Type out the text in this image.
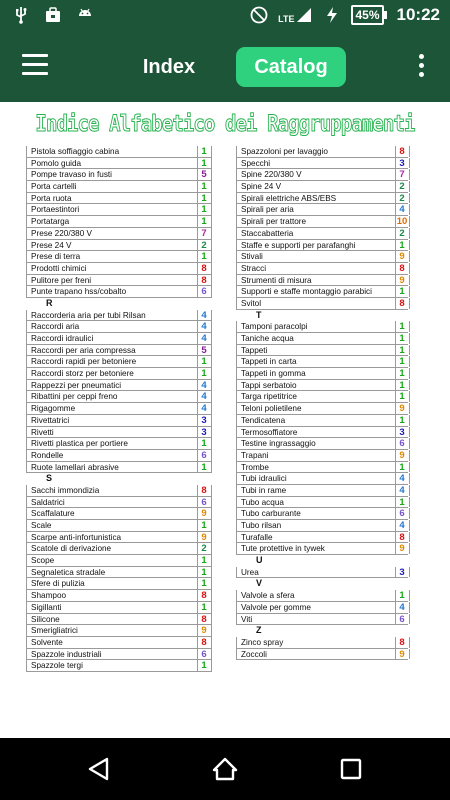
LTE	45% 10:22
Index	Catalog
Indice Alfabetico dei Raggruppamenti
Pistola soffiaggio cabina	1
Pomolo guida	1
Pompe travaso in fusti	5
Porta cartelli	1
Porta ruota	1
Portaestintori	1
Portatarga	1
Prese 220/380 V	7
Prese 24 V	2
Prese di terra	1
Prodotti chimici	8
Pulitore per freni	8
Punte trapano hss/cobalto	6
R
Raccorderia aria per tubi Rilsan	4
Raccordi aria	4
Raccordi idraulici	4
Raccordi per aria compressa	5
Raccordi rapidi per betoniere	1
Raccordi storz per betoniere	1
Rappezzi per pneumatici	4
Ribattini per ceppi freno	4
Rigagomme	4
Rivettatrici	3
Rivetti	3
Rivetti plastica per portiere	1
Rondelle	6
Ruote lamellari abrasive	1
S
Sacchi immondizia	8
Saldatrici	6
Scaffalature	9
Scale	1
Scarpe anti-infortunistica	9
Scatole di derivazione	2
Scope	1
Segnaletica stradale	1
Sfere di pulizia	1
Shampoo	8
Sigillanti	1
Silicone	8
Smerigliatrici	9
Solvente	8
Spazzole industriali	6
Spazzole tergi	1
Spazzoloni per lavaggio	8
Specchi	3
Spine 220/380 V	7
Spine 24 V	2
Spirali elettriche ABS/EBS	2
Spirali per aria	4
Spirali per trattore	10
Staccabatteria	2
Staffe e supporti per parafanghi	1
Stivali	9
Stracci	8
Strumenti di misura	9
Supporti e staffe montaggio parabici	1
Svitol	8
T
Tamponi paracolpi	1
Taniche acqua	1
Tappeti	1
Tappeti in carta	1
Tappeti in gomma	1
Tappi serbatoio	1
Targa ripetitrice	1
Teloni polietilene	9
Tendicatena	1
Termosoffiatore	3
Testine ingrassaggio	6
Trapani	9
Trombe	1
Tubi idraulici	4
Tubi in rame	4
Tubo acqua	1
Tubo carburante	6
Tubo rilsan	4
Turafalle	8
Tute protettive in tywek	9
U
Urea	3
V
Valvole a sfera	1
Valvole per gomme	4
Viti	6
Z
Zinco spray	8
Zoccoli	9
